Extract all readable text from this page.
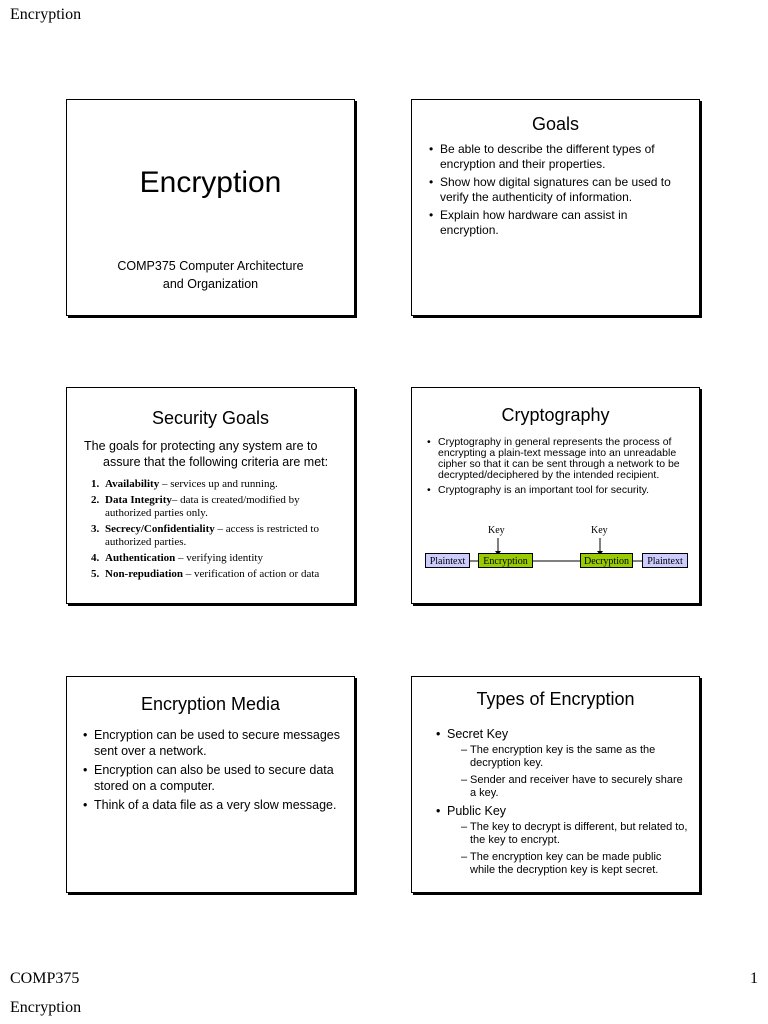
Encryption
Encryption
COMP375 Computer Architecture
and Organization
Goals
• Be able to describe the different types of encryption and their properties.
• Show how digital signatures can be used to verify the authenticity of information.
• Explain how hardware can assist in encryption.
Security Goals
The goals for protecting any system are to assure that the following criteria are met:
1. Availability – services up and running.
2. Data Integrity– data is created/modified by authorized parties only.
3. Secrecy/Confidentiality – access is restricted to authorized parties.
4. Authentication – verifying identity
5. Non-repudiation – verification of action or data
Cryptography
• Cryptography in general represents the process of encrypting a plain-text message into an unreadable cipher so that it can be sent through a network to be decrypted/deciphered by the intended recipient.
• Cryptography is an important tool for security.
Key	Key
Plaintext	Encryption	Decryption	Plaintext
Encryption Media
• Encryption can be used to secure messages sent over a network.
• Encryption can also be used to secure data stored on a computer.
• Think of a data file as a very slow message.
Types of Encryption
• Secret Key
– The encryption key is the same as the decryption key.
– Sender and receiver have to securely share a key.
• Public Key
– The key to decrypt is different, but related to, the key to encrypt.
– The encryption key can be made public while the decryption key is kept secret.
COMP375	1
Encryption
